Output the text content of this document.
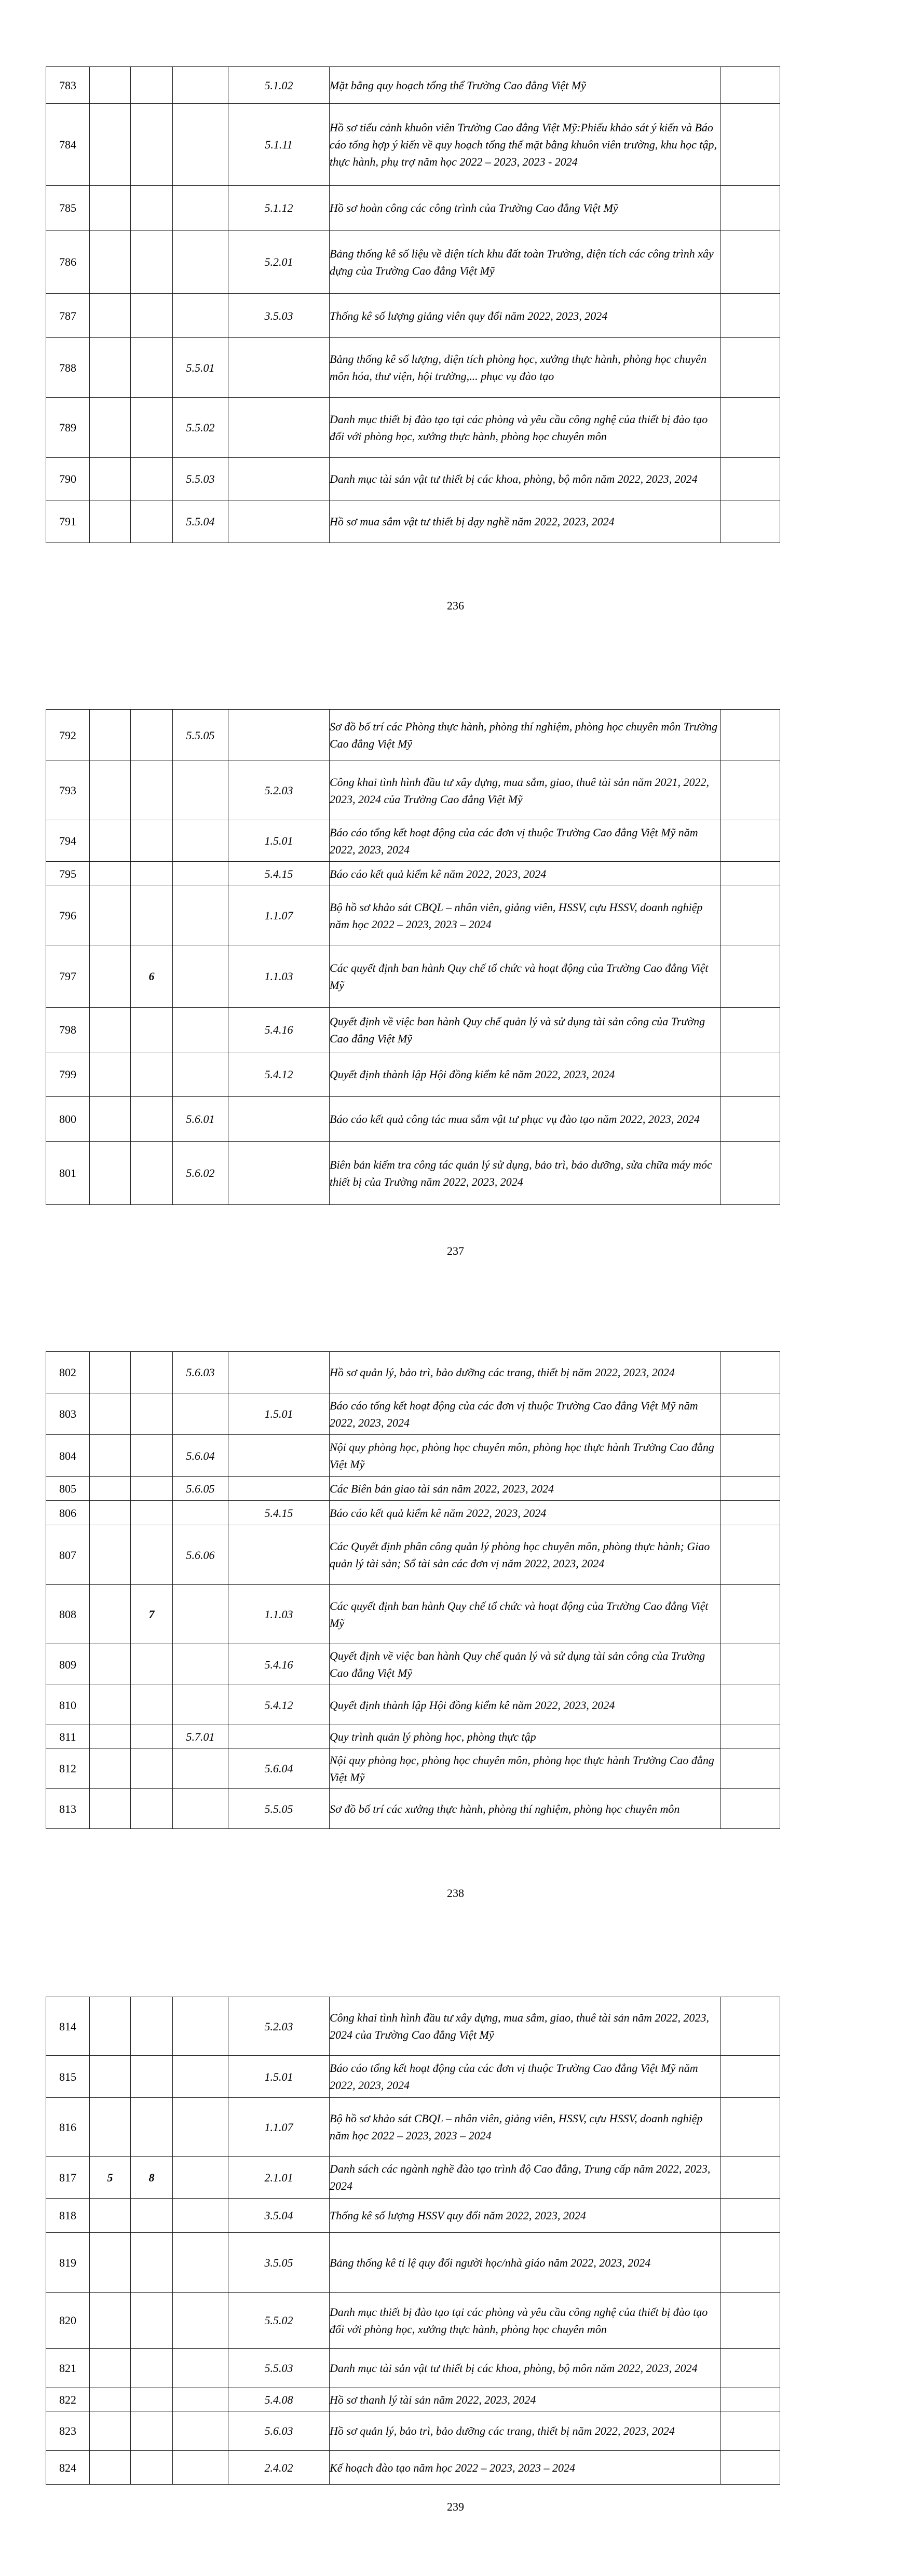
783				5.1.02	Mặt bằng quy hoạch tổng thể Trường Cao đẳng Việt Mỹ	
784				5.1.11	Hồ sơ tiểu cảnh khuôn viên Trường Cao đẳng Việt Mỹ:Phiếu khảo sát ý kiến và Báo cáo tổng hợp ý kiến về quy hoạch tổng thể mặt bằng khuôn viên trường, khu học tập, thực hành, phụ trợ năm học 2022 – 2023, 2023 - 2024	
785				5.1.12	Hồ sơ hoàn công các công trình của Trường Cao đẳng Việt Mỹ	
786				5.2.01	Bảng thống kê số liệu về diện tích khu đất toàn Trường, diện tích các công trình xây dựng của Trường Cao đẳng Việt Mỹ	
787				3.5.03	Thống kê số lượng giảng viên quy đổi năm 2022, 2023, 2024	
788			5.5.01		Bảng thống kê số lượng, diện tích phòng học, xưởng thực hành, phòng học chuyên môn hóa, thư viện, hội trường,... phục vụ đào tạo	
789			5.5.02		Danh mục thiết bị đào tạo tại các phòng và yêu cầu công nghệ của thiết bị đào tạo đối với phòng học, xưởng thực hành, phòng học chuyên môn	
790			5.5.03		Danh mục tài sản vật tư thiết bị các khoa, phòng, bộ môn năm 2022, 2023, 2024	
791			5.5.04		Hồ sơ mua sắm vật tư thiết bị dạy nghề năm 2022, 2023, 2024	
236
792			5.5.05		Sơ đồ bố trí các Phòng thực hành, phòng thí nghiệm, phòng học chuyên môn Trường Cao đẳng Việt Mỹ	
793				5.2.03	Công khai tình hình đầu tư xây dựng, mua sắm, giao, thuê tài sản năm 2021, 2022, 2023, 2024 của Trường Cao đẳng Việt Mỹ	
794				1.5.01	Báo cáo tổng kết hoạt động của các đơn vị thuộc Trường Cao đẳng Việt Mỹ năm 2022, 2023, 2024	
795				5.4.15	Báo cáo kết quả kiểm kê năm 2022, 2023, 2024	
796				1.1.07	Bộ hồ sơ khảo sát CBQL – nhân viên, giảng viên, HSSV, cựu HSSV, doanh nghiệp năm học 2022 – 2023, 2023 – 2024	
797		6		1.1.03	Các quyết định ban hành Quy chế tổ chức và hoạt động của Trường Cao đẳng Việt Mỹ	
798				5.4.16	Quyết định về việc ban hành Quy chế quản lý và sử dụng tài sản công của Trường Cao đẳng Việt Mỹ	
799				5.4.12	Quyết định thành lập Hội đồng kiểm kê năm 2022, 2023, 2024	
800			5.6.01		Báo cáo kết quả công tác mua sắm vật tư phục vụ đào tạo năm 2022, 2023, 2024	
801			5.6.02		Biên bản kiểm tra công tác quản lý sử dụng, bảo trì, bảo dưỡng, sửa chữa máy móc thiết bị của Trường năm 2022, 2023, 2024	
237
802			5.6.03		Hồ sơ quản lý, bảo trì, bảo dưỡng các trang, thiết bị năm 2022, 2023, 2024	
803				1.5.01	Báo cáo tổng kết hoạt động của các đơn vị thuộc Trường Cao đẳng Việt Mỹ năm 2022, 2023, 2024	
804			5.6.04		Nội quy phòng học, phòng học chuyên môn, phòng học thực hành Trường Cao đẳng Việt Mỹ	
805			5.6.05		Các Biên bản giao tài sản năm 2022, 2023, 2024	
806				5.4.15	Báo cáo kết quả kiểm kê năm 2022, 2023, 2024	
807			5.6.06		Các Quyết định phân công quản lý phòng học chuyên môn, phòng thực hành; Giao quản lý tài sản; Sổ tài sản các đơn vị năm 2022, 2023, 2024	
808		7		1.1.03	Các quyết định ban hành Quy chế tổ chức và hoạt động của Trường Cao đẳng Việt Mỹ	
809				5.4.16	Quyết định về việc ban hành Quy chế quản lý và sử dụng tài sản công của Trường Cao đẳng Việt Mỹ	
810				5.4.12	Quyết định thành lập Hội đồng kiểm kê năm 2022, 2023, 2024	
811			5.7.01		Quy trình quản lý phòng học, phòng thực tập	
812				5.6.04	Nội quy phòng học, phòng học chuyên môn, phòng học thực hành Trường Cao đẳng Việt Mỹ	
813				5.5.05	Sơ đồ bố trí các xưởng thực hành, phòng thí nghiệm, phòng học chuyên môn	
238
814				5.2.03	Công khai tình hình đầu tư xây dựng, mua sắm, giao, thuê tài sản năm 2022, 2023, 2024 của Trường Cao đẳng Việt Mỹ	
815				1.5.01	Báo cáo tổng kết hoạt động của các đơn vị thuộc Trường Cao đẳng Việt Mỹ năm 2022, 2023, 2024	
816				1.1.07	Bộ hồ sơ khảo sát CBQL – nhân viên, giảng viên, HSSV, cựu HSSV, doanh nghiệp năm học 2022 – 2023, 2023 – 2024	
817	5	8		2.1.01	Danh sách các ngành nghề đào tạo trình độ Cao đẳng, Trung cấp năm 2022, 2023, 2024	
818				3.5.04	Thống kê số lượng HSSV quy đổi năm 2022, 2023, 2024	
819				3.5.05	Bảng thống kê tỉ lệ quy đổi người học/nhà giáo năm 2022, 2023, 2024	
820				5.5.02	Danh mục thiết bị đào tạo tại các phòng và yêu cầu công nghệ của thiết bị đào tạo đối với phòng học, xưởng thực hành, phòng học chuyên môn	
821				5.5.03	Danh mục tài sản vật tư thiết bị các khoa, phòng, bộ môn năm 2022, 2023, 2024	
822				5.4.08	Hồ sơ thanh lý tài sản năm 2022, 2023, 2024	
823				5.6.03	Hồ sơ quản lý, bảo trì, bảo dưỡng các trang, thiết bị năm 2022, 2023, 2024	
824				2.4.02	Kế hoạch đào tạo năm học 2022 – 2023, 2023 – 2024	
239
